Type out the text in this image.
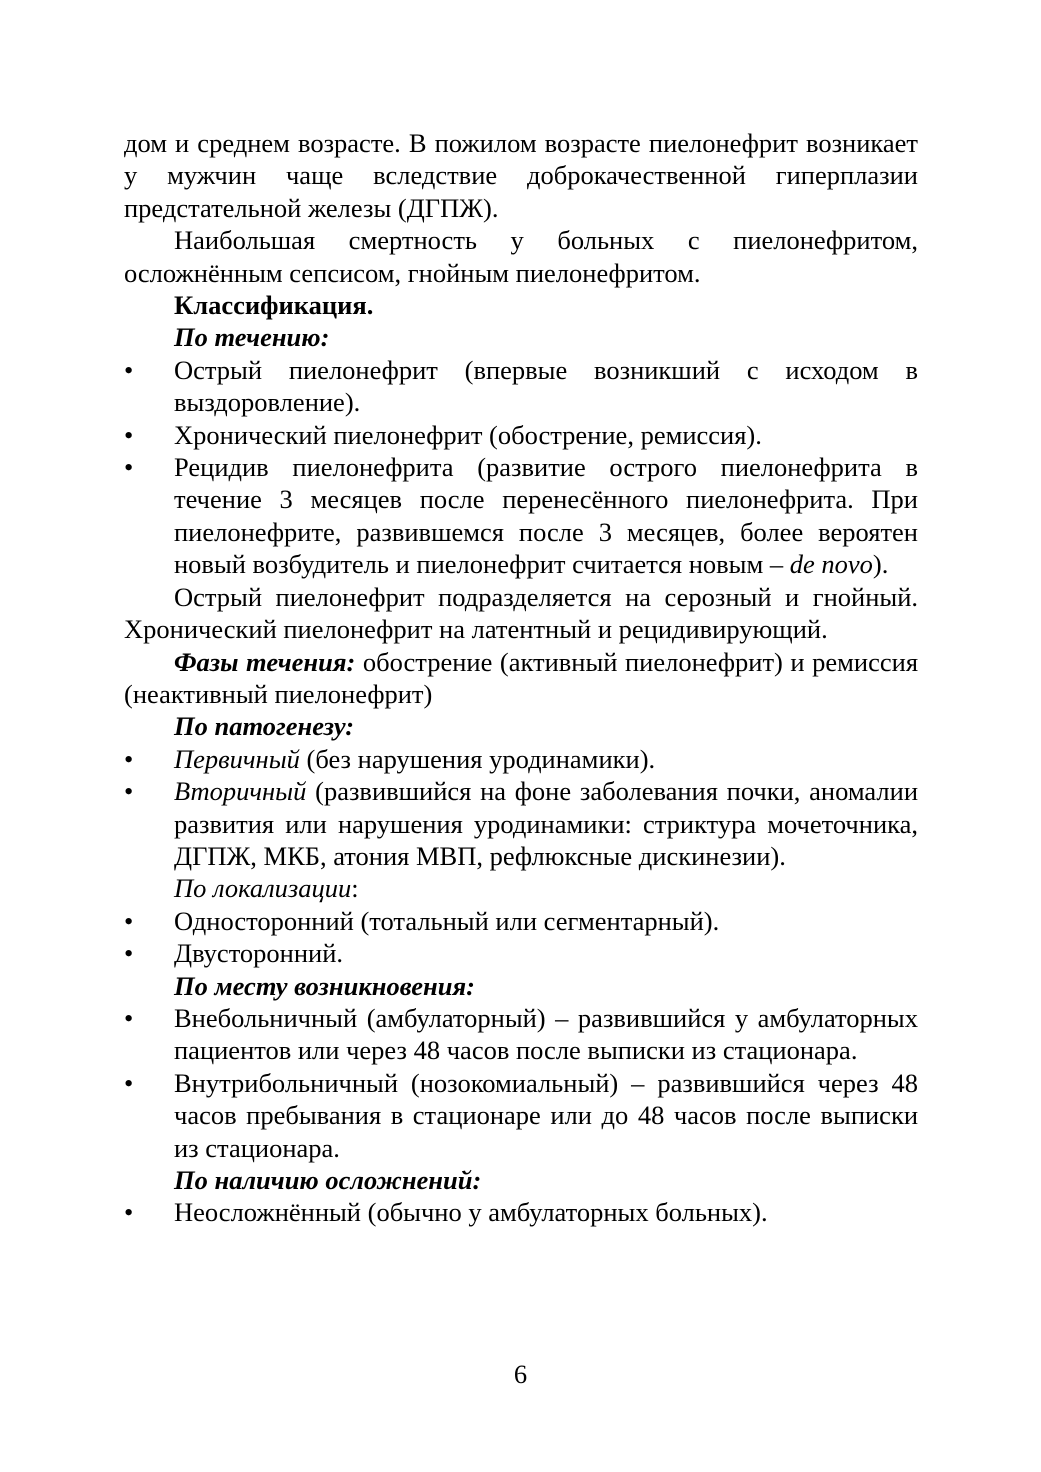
дом и среднем возрасте. В пожилом возрасте пиелонефрит возникает у мужчин чаще вследствие доброкачественной гиперплазии предстательной железы (ДГПЖ).

Наибольшая смертность у больных с пиелонефритом, осложнённым сепсисом, гнойным пиелонефритом.

Классификация.

По течению:

• Острый пиелонефрит (впервые возникший с исходом в выздоровление).
• Хронический пиелонефрит (обострение, ремиссия).
• Рецидив пиелонефрита (развитие острого пиелонефрита в течение 3 месяцев после перенесённого пиелонефрита. При пиелонефрите, развившемся после 3 месяцев, более вероятен новый возбудитель и пиелонефрит считается новым – de novo).

Острый пиелонефрит подразделяется на серозный и гнойный. Хронический пиелонефрит на латентный и рецидивирующий.

Фазы течения: обострение (активный пиелонефрит) и ремиссия (неактивный пиелонефрит)

По патогенезу:

• Первичный (без нарушения уродинамики).
• Вторичный (развившийся на фоне заболевания почки, аномалии развития или нарушения уродинамики: стриктура мочеточника, ДГПЖ, МКБ, атония МВП, рефлюксные дискинезии).

По локализации:

• Односторонний (тотальный или сегментарный).
• Двусторонний.

По месту возникновения:

• Внебольничный (амбулаторный) – развившийся у амбулаторных пациентов или через 48 часов после выписки из стационара.
• Внутрибольничный (нозокомиальный) – развившийся через 48 часов пребывания в стационаре или до 48 часов после выписки из стационара.

По наличию осложнений:

• Неосложнённый (обычно у амбулаторных больных).
6
